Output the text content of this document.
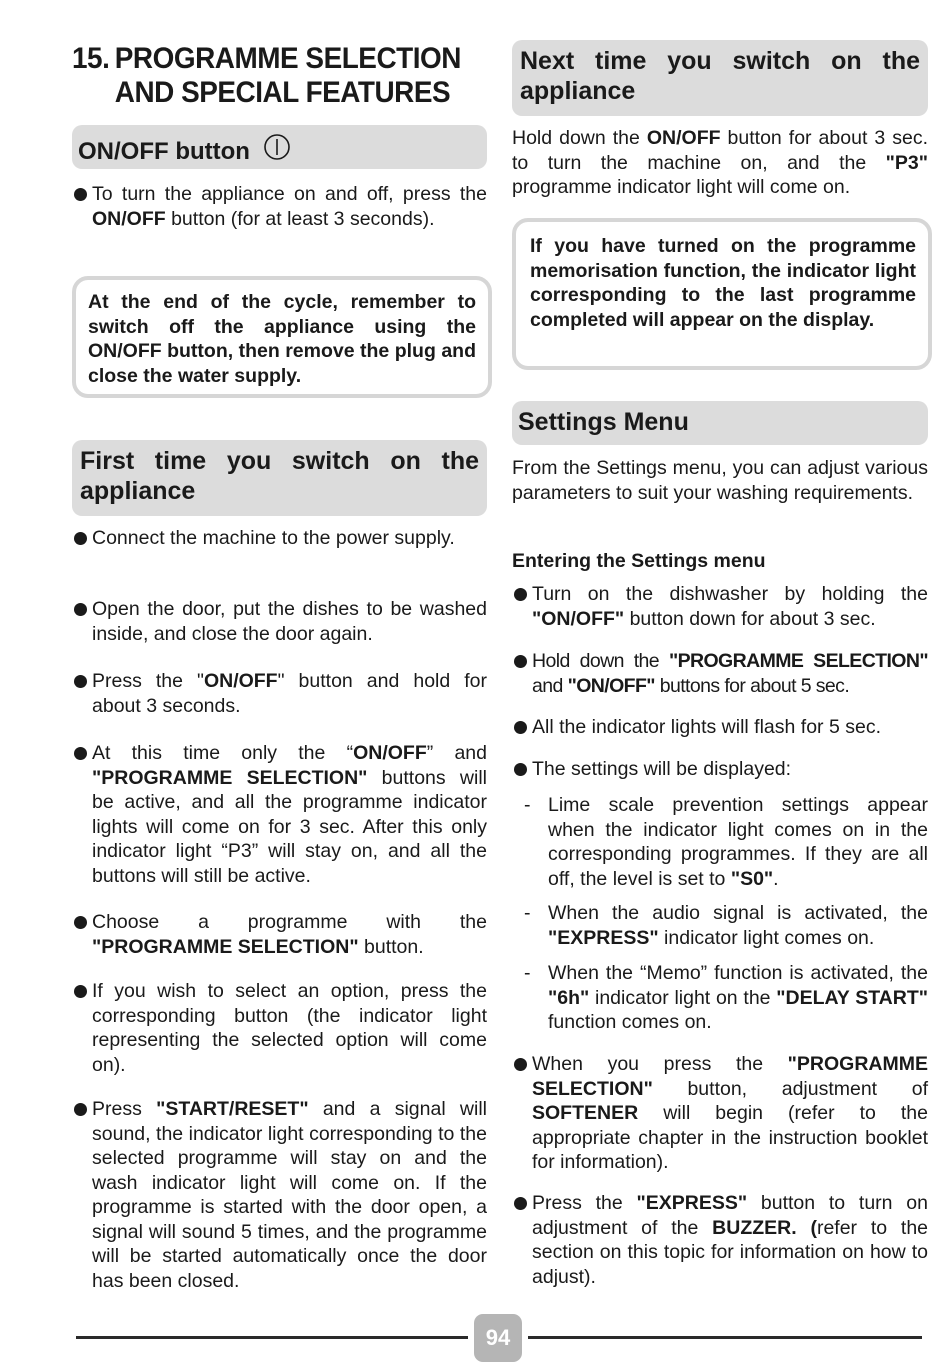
15. PROGRAMME SELECTION
AND SPECIAL FEATURES
ON/OFF button
To turn the appliance on and off, press the ON/OFF button (for at least 3 seconds).
At the end of the cycle, remember to switch off the appliance using the ON/OFF button, then remove the plug and close the water supply.
First time you switch on the appliance
Connect the machine to the power supply.
Open the door, put the dishes to be washed inside, and close the door again.
Press the "ON/OFF" button and hold for about 3 seconds.
At this time only the “ON/OFF” and "PROGRAMME SELECTION" buttons will be active, and all the programme indicator lights will come on for 3 sec. After this only indicator light “P3” will stay on, and all the buttons will still be active.
Choose a programme with the "PROGRAMME SELECTION" button.
If you wish to select an option, press the corresponding button (the indicator light representing the selected option will come on).
Press "START/RESET" and a signal will sound, the indicator light corresponding to the selected programme will stay on and the wash indicator light will come on. If the programme is started with the door open, a signal will sound 5 times, and the programme will be started automatically once the door has been closed.
Next time you switch on the appliance
Hold down the ON/OFF button for about 3 sec. to turn the machine on, and the "P3" programme indicator light will come on.
If you have turned on the programme memorisation function, the indicator light corresponding to the last programme completed will appear on the display.
Settings Menu
From the Settings menu, you can adjust various parameters to suit your washing requirements.
Entering the Settings menu
Turn on the dishwasher by holding the "ON/OFF" button down for about 3 sec.
Hold down the "PROGRAMME SELECTION" and "ON/OFF" buttons for about 5 sec.
All the indicator lights will flash for 5 sec.
The settings will be displayed:
- Lime scale prevention settings appear when the indicator light comes on in the corresponding programmes. If they are all off, the level is set to "S0".
- When the audio signal is activated, the "EXPRESS" indicator light comes on.
- When the “Memo” function is activated, the "6h" indicator light on the "DELAY START" function comes on.
When you press the "PROGRAMME SELECTION" button, adjustment of SOFTENER will begin (refer to the appropriate chapter in the instruction booklet for information).
Press the "EXPRESS" button to turn on adjustment of the BUZZER. (refer to the section on this topic for information on how to adjust).
94
